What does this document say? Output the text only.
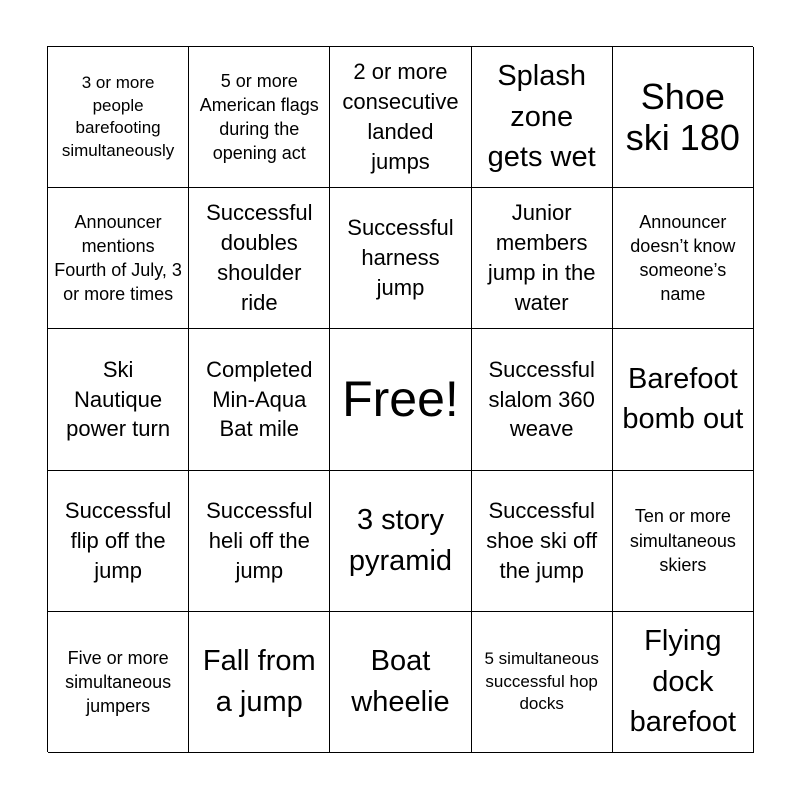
3 or more people barefooting simultaneously
5 or more American flags during the opening act
2 or more consecutive landed jumps
Splash zone gets wet
Shoe ski 180
Announcer mentions Fourth of July, 3 or more times
Successful doubles shoulder ride
Successful harness jump
Junior members jump in the water
Announcer doesn’t know someone’s name
Ski Nautique power turn
Completed Min-Aqua Bat mile
Free!
Successful slalom 360 weave
Barefoot bomb out
Successful flip off the jump
Successful heli off the jump
3 story pyramid
Successful shoe ski off the jump
Ten or more simultaneous skiers
Five or more simultaneous jumpers
Fall from a jump
Boat wheelie
5 simultaneous successful hop docks
Flying dock barefoot
